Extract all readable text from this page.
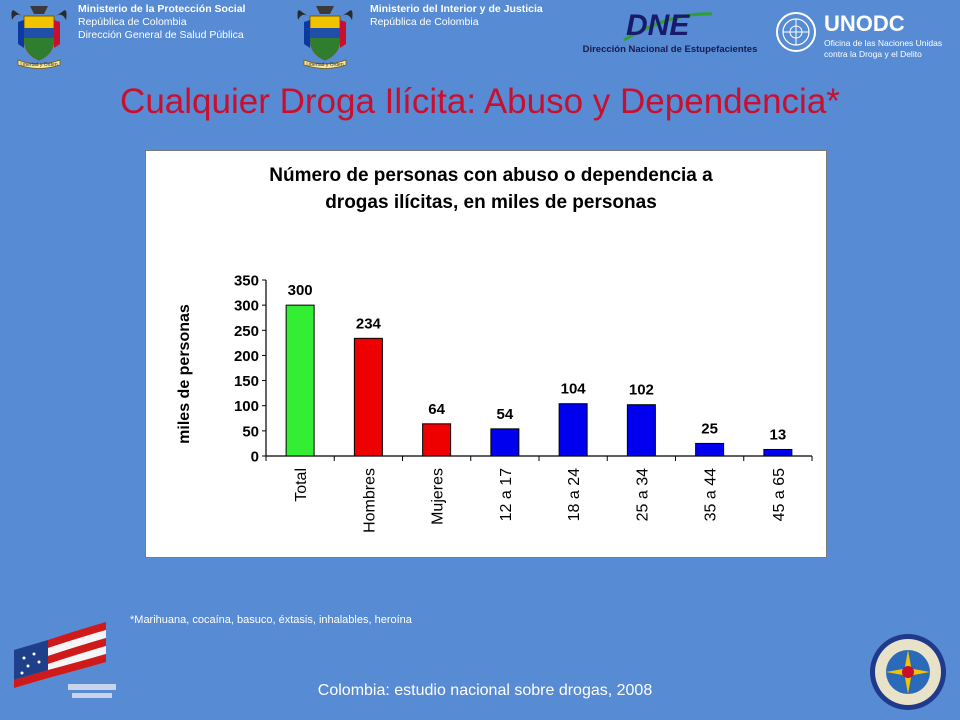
Libertad y Orden
Ministerio de la Protección Social
República de Colombia
Dirección General de Salud Pública
Libertad y Orden
Ministerio del Interior y de Justicia
República de Colombia	DNE
Dirección Nacional de Estupefacientes
UNODC
Oficina de las Naciones Unidas
contra la Droga y el Delito
Cualquier Droga Ilícita: Abuso y Dependencia*
Número de personas con abuso o dependencia a
drogas ilícitas, en miles de personas
miles de personas
0
50
100
150
200
250
300
350
300
234
64	54
104	102
25	13
Total	Hombres	Mujeres	12 a 17	18 a 24	25 a 34	35 a 44	45 a 65
*Marihuana, cocaína, basuco, éxtasis, inhalables, heroína
Colombia: estudio nacional sobre drogas, 2008
